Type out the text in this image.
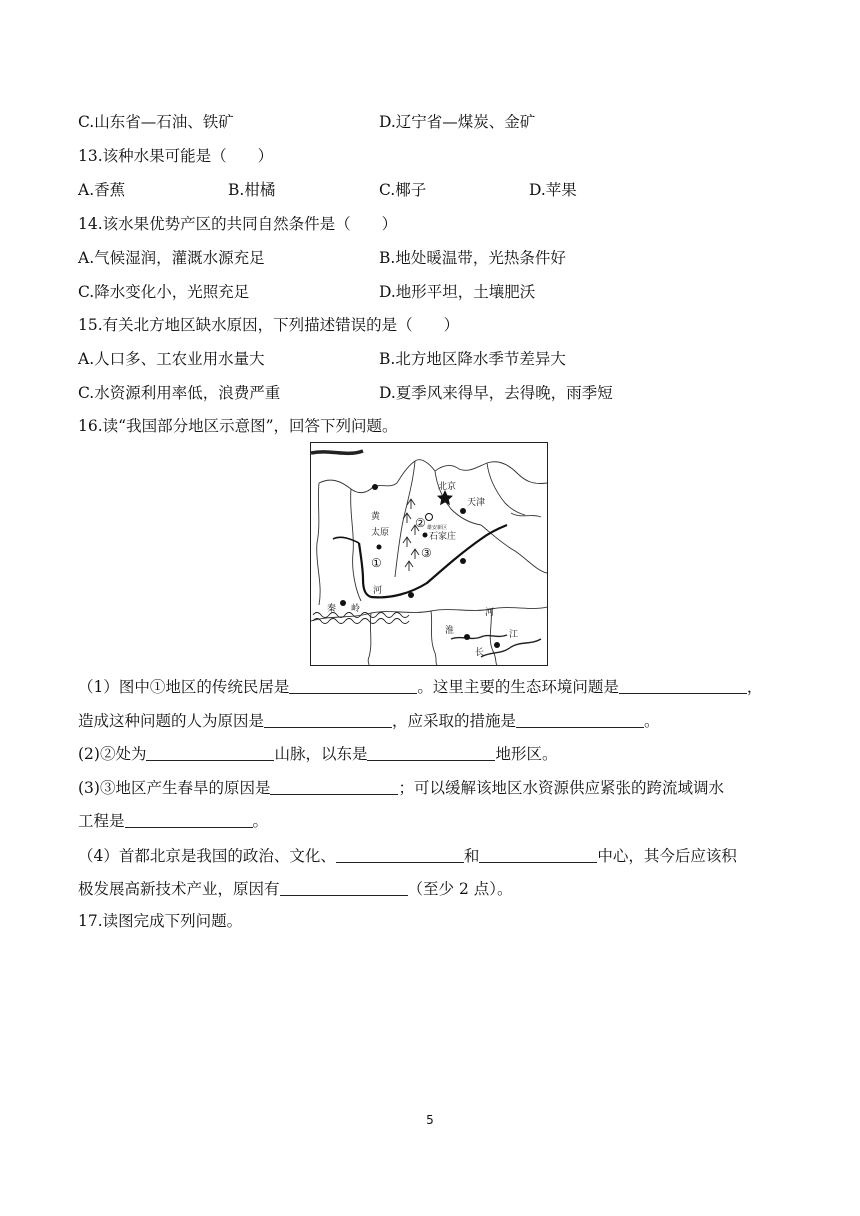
C.山东省—石油、铁矿	D.辽宁省—煤炭、金矿
13.该种水果可能是（　　）
A.香蕉	B.柑橘	C.椰子	D.苹果
14.该水果优势产区的共同自然条件是（　　）
A.气候湿润，灌溉水源充足	B.地处暖温带，光热条件好
C.降水变化小，光照充足	D.地形平坦，土壤肥沃
15.有关北方地区缺水原因，下列描述错误的是（　　）
A.人口多、工农业用水量大	B.北方地区降水季节差异大
C.水资源利用率低，浪费严重	D.夏季风来得早，去得晚，雨季短
16.读“我国部分地区示意图”，回答下列问题。
北京
天津
雄安新区
石家庄
太原
黄
河
秦 岭
淮
河
长
江
①
②
③
（1）图中①地区的传统民居是	。这里主要的生态环境问题是	，
造成这种问题的人为原因是	，应采取的措施是	。
(2)②处为	山脉，以东是	地形区。
(3)③地区产生春旱的原因是	；可以缓解该地区水资源供应紧张的跨流域调水
工程是	。
（4）首都北京是我国的政治、文化、	和	中心，其今后应该积
极发展高新技术产业，原因有	（至少 2 点）。
17.读图完成下列问题。
5
